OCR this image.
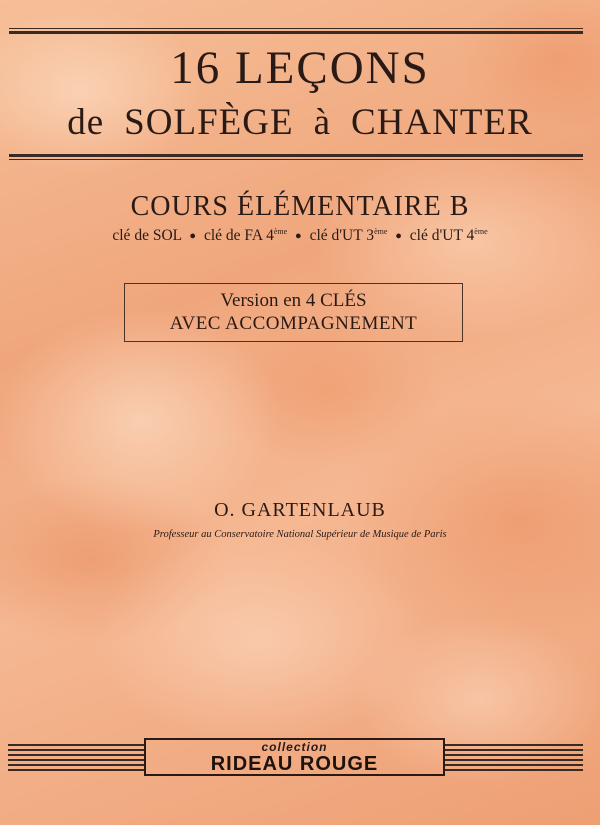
16 LEÇONS
de SOLFÈGE à CHANTER
COURS ÉLÉMENTAIRE B
clé de SOL ● clé de FA 4ème ● clé d'UT 3ème ● clé d'UT 4ème
Version en 4 CLÉS
AVEC ACCOMPAGNEMENT
O. GARTENLAUB
Professeur au Conservatoire National Supérieur de Musique de Paris
collection
RIDEAU ROUGE
